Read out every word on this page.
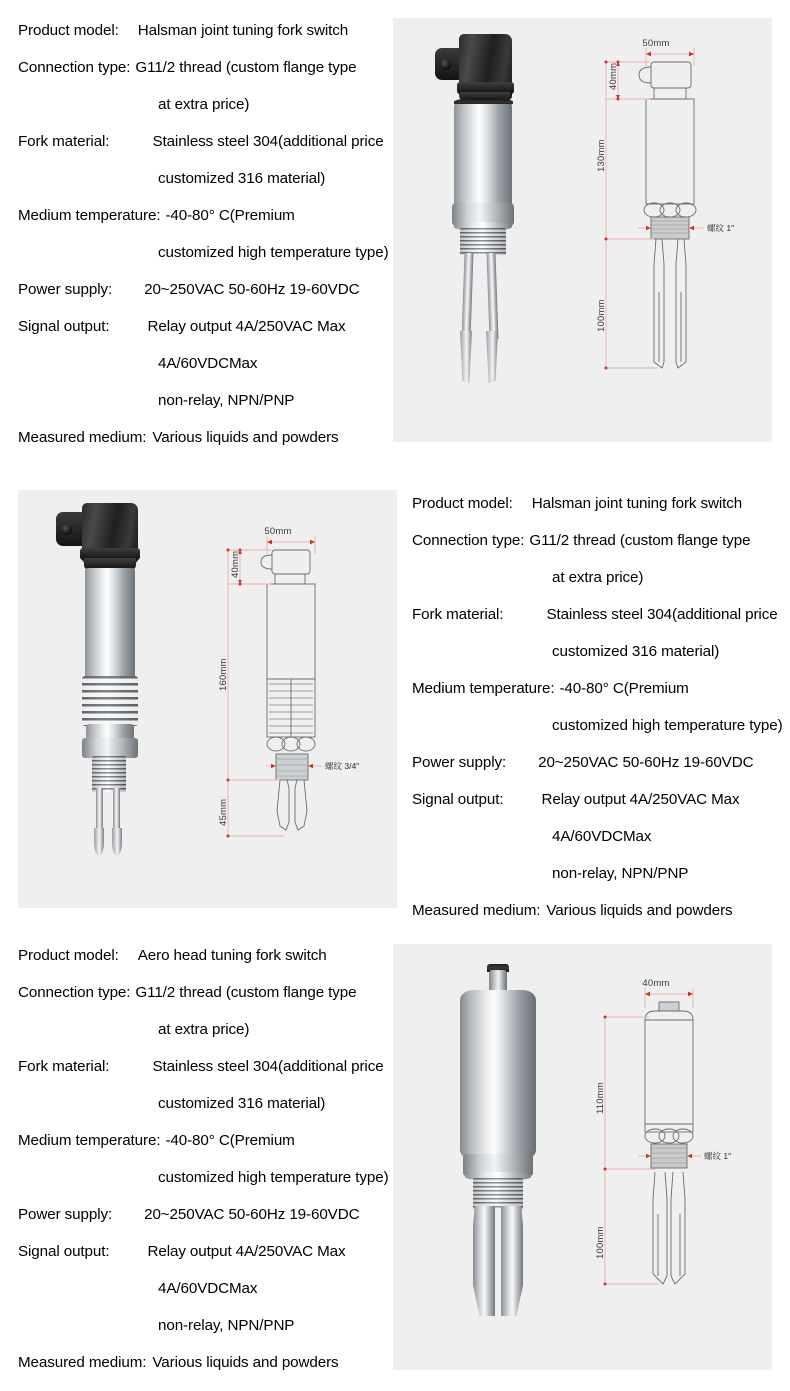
Product model: Halsman joint tuning fork switch
Connection type: G11/2 thread (custom flange type
at extra price)
Fork material:	Stainless steel 304(additional price
customized 316 material)
Medium temperature: -40-80° C(Premium
customized high temperature type)
Power supply: 20~250VAC 50-60Hz 19-60VDC
Signal output:	Relay output 4A/250VAC Max
4A/60VDCMax
non-relay, NPN/PNP
Measured medium: Various liquids and powders
50mm
40mm
130mm
100mm
螺纹 1″
50mm
40mm
160mm
45mm
螺纹 3/4″
Product model: Halsman joint tuning fork switch
Connection type: G11/2 thread (custom flange type
at extra price)
Fork material:	Stainless steel 304(additional price
customized 316 material)
Medium temperature: -40-80° C(Premium
customized high temperature type)
Power supply: 20~250VAC 50-60Hz 19-60VDC
Signal output:	Relay output 4A/250VAC Max
4A/60VDCMax
non-relay, NPN/PNP
Measured medium: Various liquids and powders
Product model: Aero head tuning fork switch
Connection type: G11/2 thread (custom flange type
at extra price)
Fork material:	Stainless steel 304(additional price
customized 316 material)
Medium temperature: -40-80° C(Premium
customized high temperature type)
Power supply: 20~250VAC 50-60Hz 19-60VDC
Signal output:	Relay output 4A/250VAC Max
4A/60VDCMax
non-relay, NPN/PNP
Measured medium: Various liquids and powders
40mm
110mm
100mm
螺纹 1″
